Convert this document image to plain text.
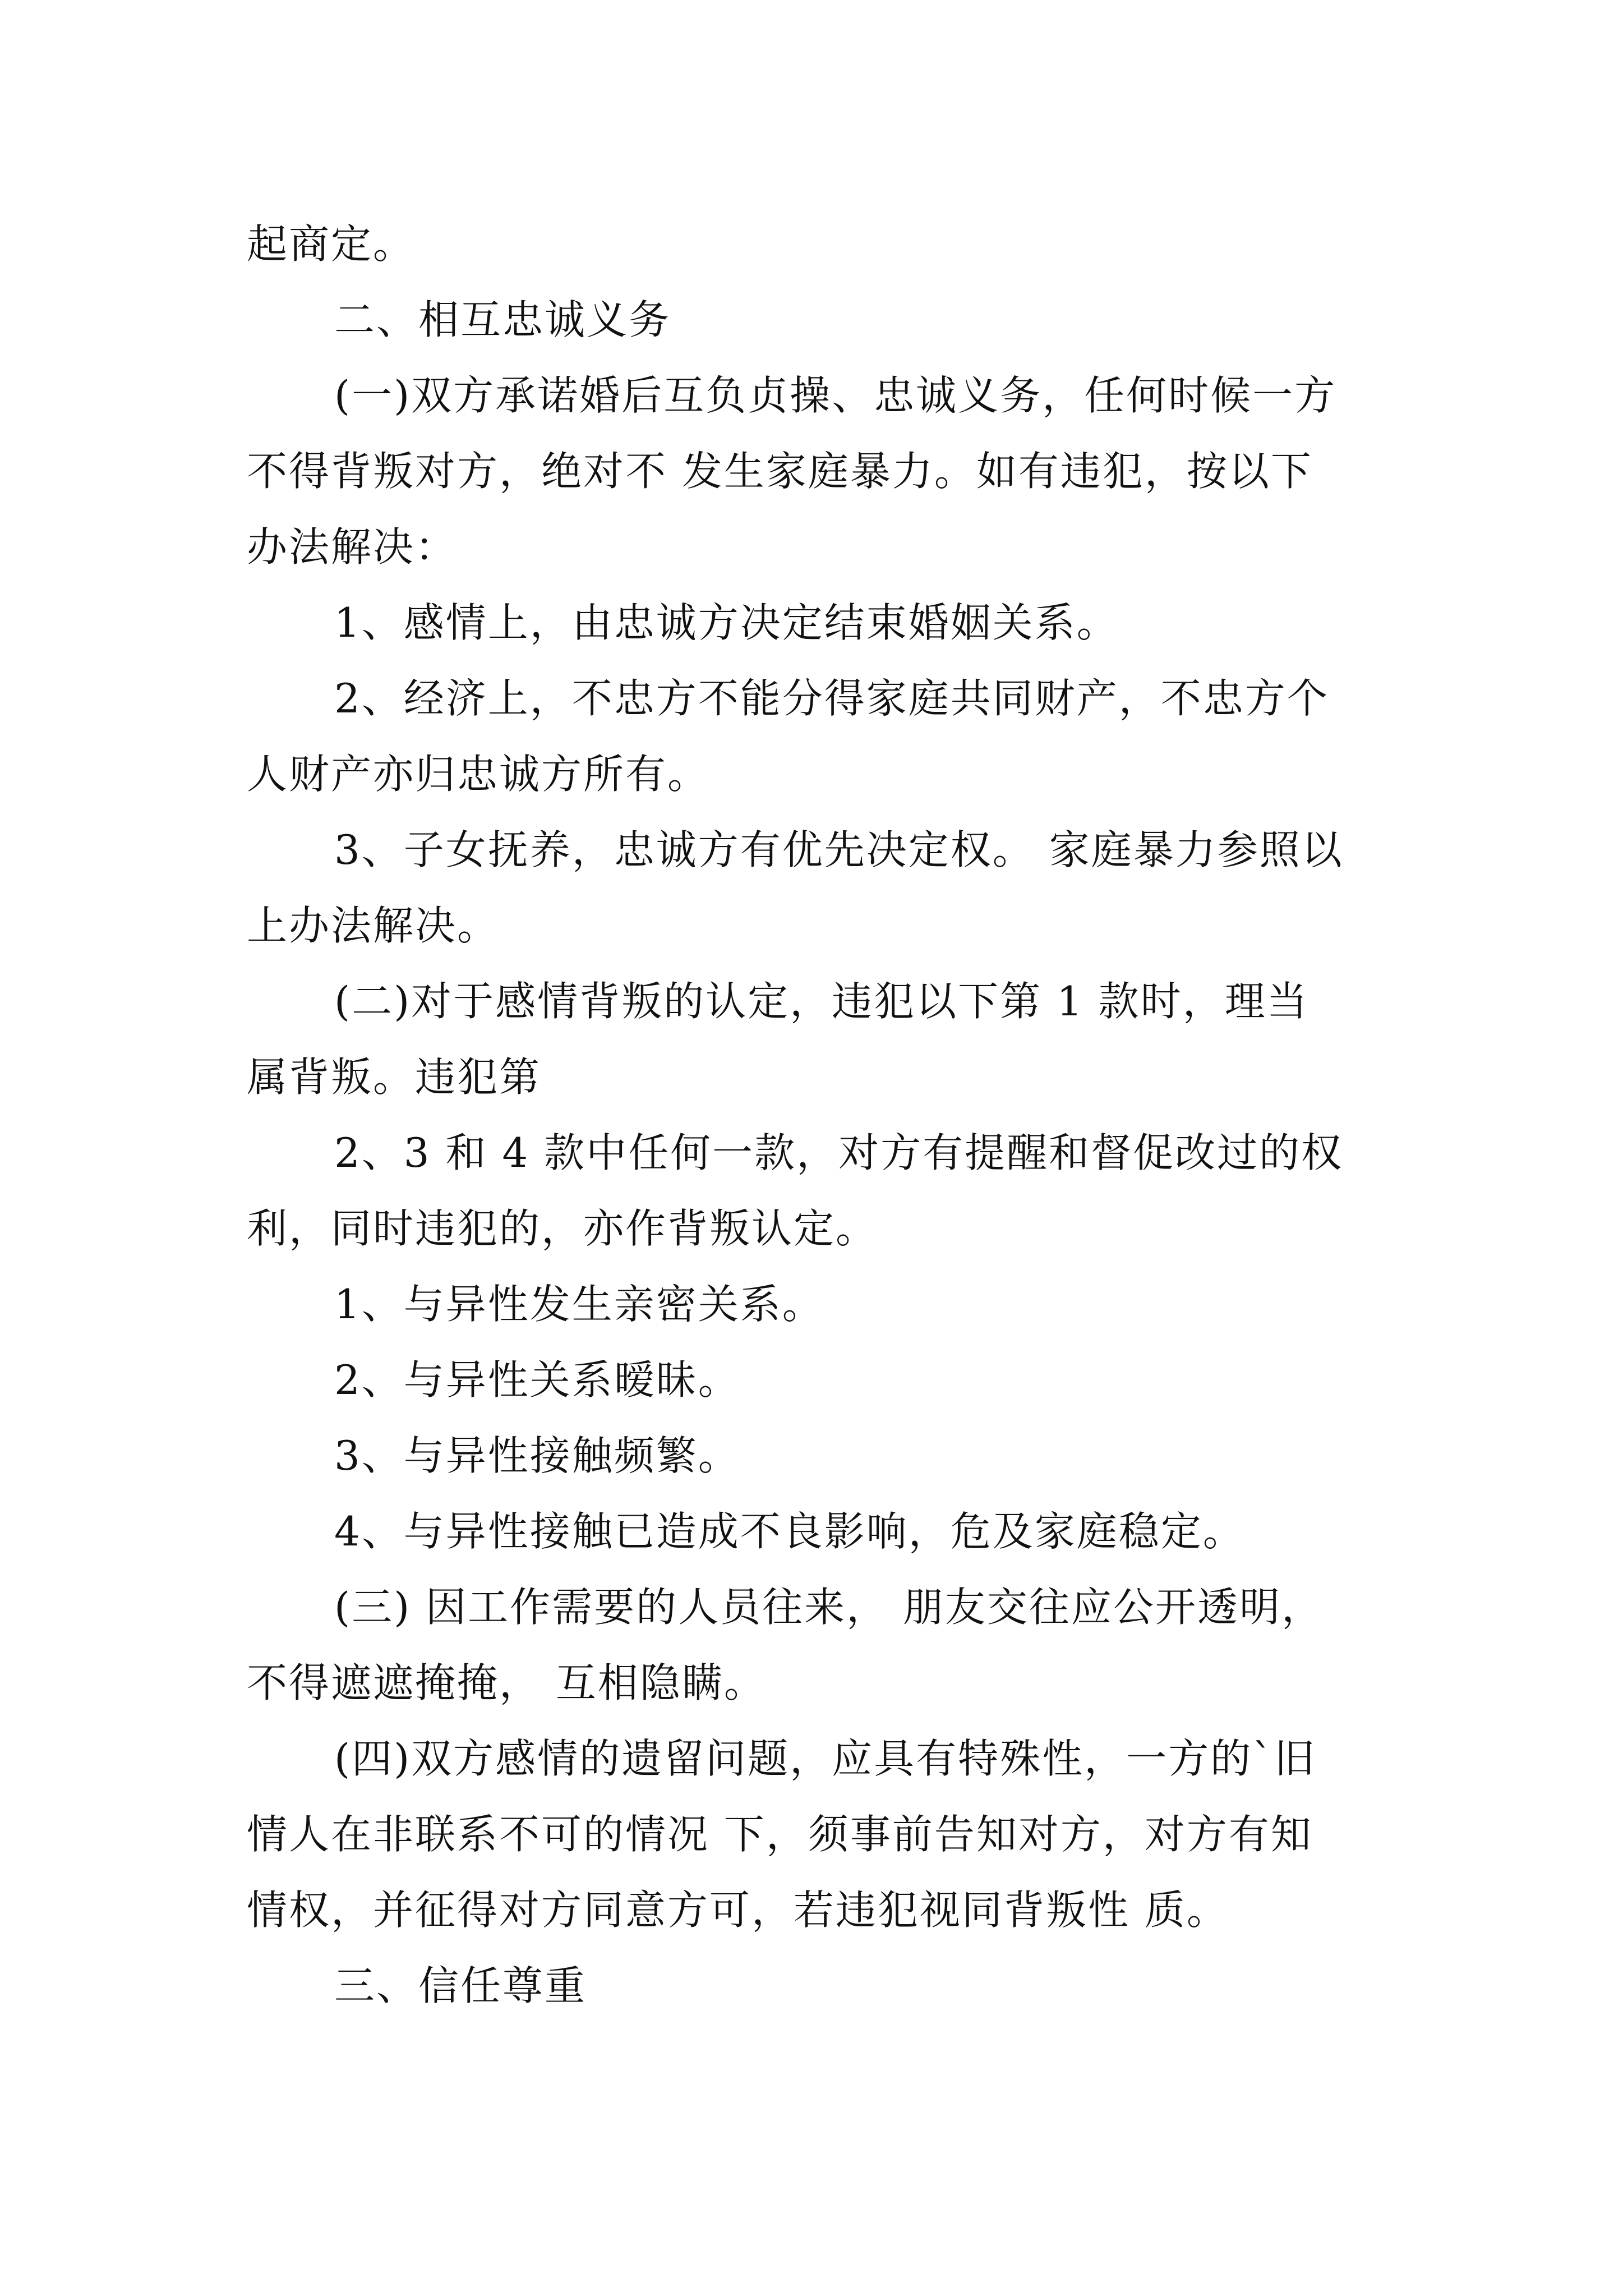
起商定。
二、相互忠诚义务
(一)双方承诺婚后互负贞操、忠诚义务，任何时候一方
不得背叛对方，绝对不 发生家庭暴力。如有违犯，按以下
办法解决：
1、感情上，由忠诚方决定结束婚姻关系。
2、经济上，不忠方不能分得家庭共同财产，不忠方个
人财产亦归忠诚方所有。
3、子女抚养，忠诚方有优先决定权。 家庭暴力参照以
上办法解决。
(二)对于感情背叛的认定，违犯以下第 1 款时，理当
属背叛。违犯第
2、3 和 4 款中任何一款，对方有提醒和督促改过的权
利，同时违犯的，亦作背叛认定。
1、与异性发生亲密关系。
2、与异性关系暧昧。
3、与异性接触频繁。
4、与异性接触已造成不良影响，危及家庭稳定。
(三) 因工作需要的人员往来， 朋友交往应公开透明，
不得遮遮掩掩， 互相隐瞒。
(四)双方感情的遗留问题，应具有特殊性，一方的`旧
情人在非联系不可的情况 下，须事前告知对方，对方有知
情权，并征得对方同意方可，若违犯视同背叛性 质。
三、信任尊重
